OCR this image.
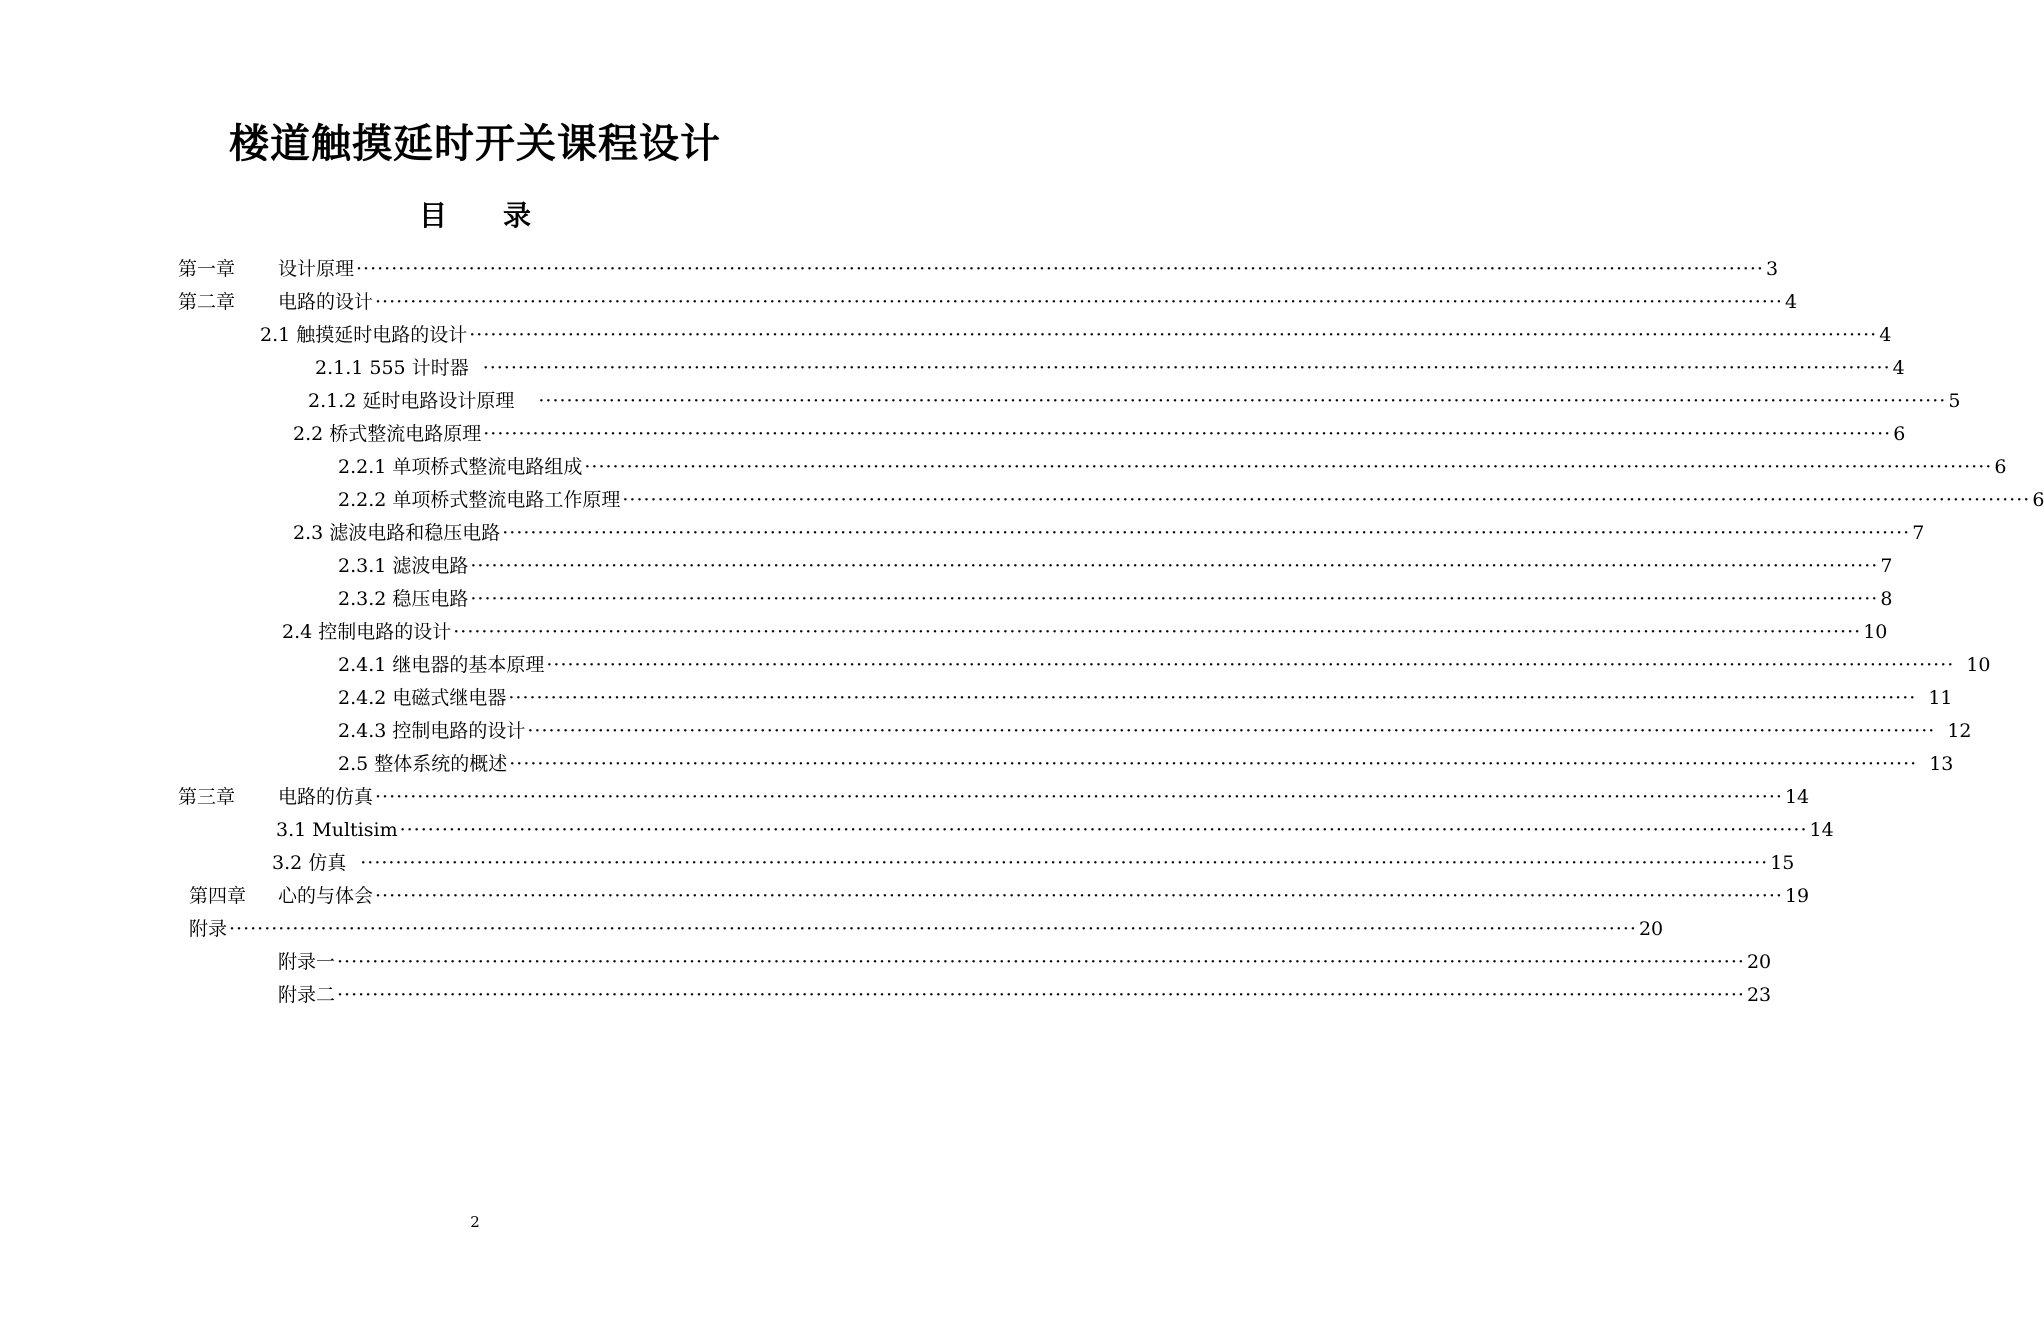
楼道触摸延时开关课程设计
目 录
第一章 设计原理 ········································································································································································································ 3
第二章 电路的设计 ········································································································································································································ 4
2.1 触摸延时电路的设计 ········································································································································································································ 4
2.1.1 555 计时器 ········································································································································································································ 4
2.1.2 延时电路设计原理 ········································································································································································································ 5
2.2 桥式整流电路原理 ········································································································································································································ 6
2.2.1 单项桥式整流电路组成 ········································································································································································································ 6
2.2.2 单项桥式整流电路工作原理 ········································································································································································································ 6
2.3 滤波电路和稳压电路 ········································································································································································································ 7
2.3.1 滤波电路 ········································································································································································································ 7
2.3.2 稳压电路 ········································································································································································································ 8
2.4 控制电路的设计 ········································································································································································································ 10
2.4.1 继电器的基本原理 ········································································································································································································ 10
2.4.2 电磁式继电器 ········································································································································································································ 11
2.4.3 控制电路的设计 ········································································································································································································ 12
2.5 整体系统的概述 ········································································································································································································ 13
第三章 电路的仿真 ········································································································································································································ 14
3.1 Multisim ········································································································································································································ 14
3.2 仿真 ········································································································································································································ 15
第四章 心的与体会 ········································································································································································································ 19
附录 ········································································································································································································ 20
附录一 ········································································································································································································ 20
附录二 ········································································································································································································ 23
2
